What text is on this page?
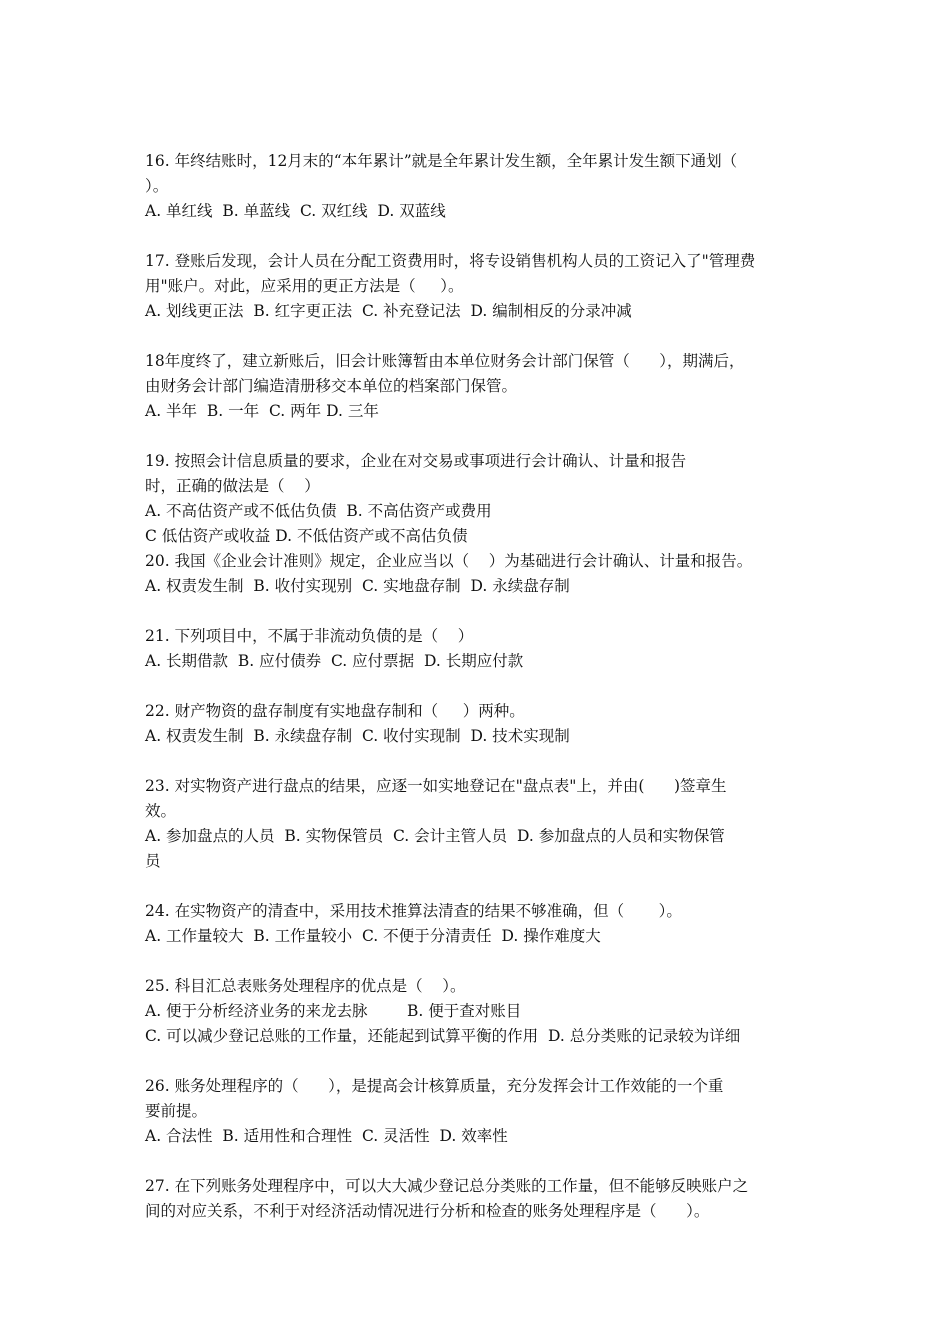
16. 年终结账时，12月末的“本年累计”就是全年累计发生额，全年累计发生额下通划（
）。
A. 单红线  B. 单蓝线  C. 双红线  D. 双蓝线
17. 登账后发现，会计人员在分配工资费用时，将专设销售机构人员的工资记入了"管理费
用"账户。对此，应采用的更正方法是（     ）。
A. 划线更正法  B. 红字更正法  C. 补充登记法  D. 编制相反的分录冲减
18年度终了，建立新账后，旧会计账簿暂由本单位财务会计部门保管（      ），期满后，
由财务会计部门编造清册移交本单位的档案部门保管。
A. 半年  B. 一年  C. 两年 D. 三年
19. 按照会计信息质量的要求，企业在对交易或事项进行会计确认、计量和报告
时，正确的做法是（    ）
A. 不高估资产或不低估负债  B. 不高估资产或费用
C 低估资产或收益 D. 不低估资产或不高估负债
20. 我国《企业会计准则》规定，企业应当以（    ）为基础进行会计确认、计量和报告。
A. 权责发生制  B. 收付实现别  C. 实地盘存制  D. 永续盘存制
21. 下列项目中，不属于非流动负债的是（    ）
A. 长期借款  B. 应付债券  C. 应付票据  D. 长期应付款
22. 财产物资的盘存制度有实地盘存制和（     ）两种。
A. 权责发生制  B. 永续盘存制  C. 收付实现制  D. 技术实现制
23. 对实物资产进行盘点的结果，应逐一如实地登记在"盘点表"上，并由(      )签章生
效。
A. 参加盘点的人员  B. 实物保管员  C. 会计主管人员  D. 参加盘点的人员和实物保管
员
24. 在实物资产的清查中，采用技术推算法清查的结果不够准确，但（       ）。
A. 工作量较大  B. 工作量较小  C. 不便于分清责任  D. 操作难度大
25. 科目汇总表账务处理程序的优点是（    ）。
A. 便于分析经济业务的来龙去脉        B. 便于查对账目
C. 可以减少登记总账的工作量，还能起到试算平衡的作用  D. 总分类账的记录较为详细
26. 账务处理程序的（      ），是提高会计核算质量，充分发挥会计工作效能的一个重
要前提。
A. 合法性  B. 适用性和合理性  C. 灵活性  D. 效率性
27. 在下列账务处理程序中，可以大大减少登记总分类账的工作量，但不能够反映账户之
间的对应关系，不利于对经济活动情况进行分析和检查的账务处理程序是（      ）。
